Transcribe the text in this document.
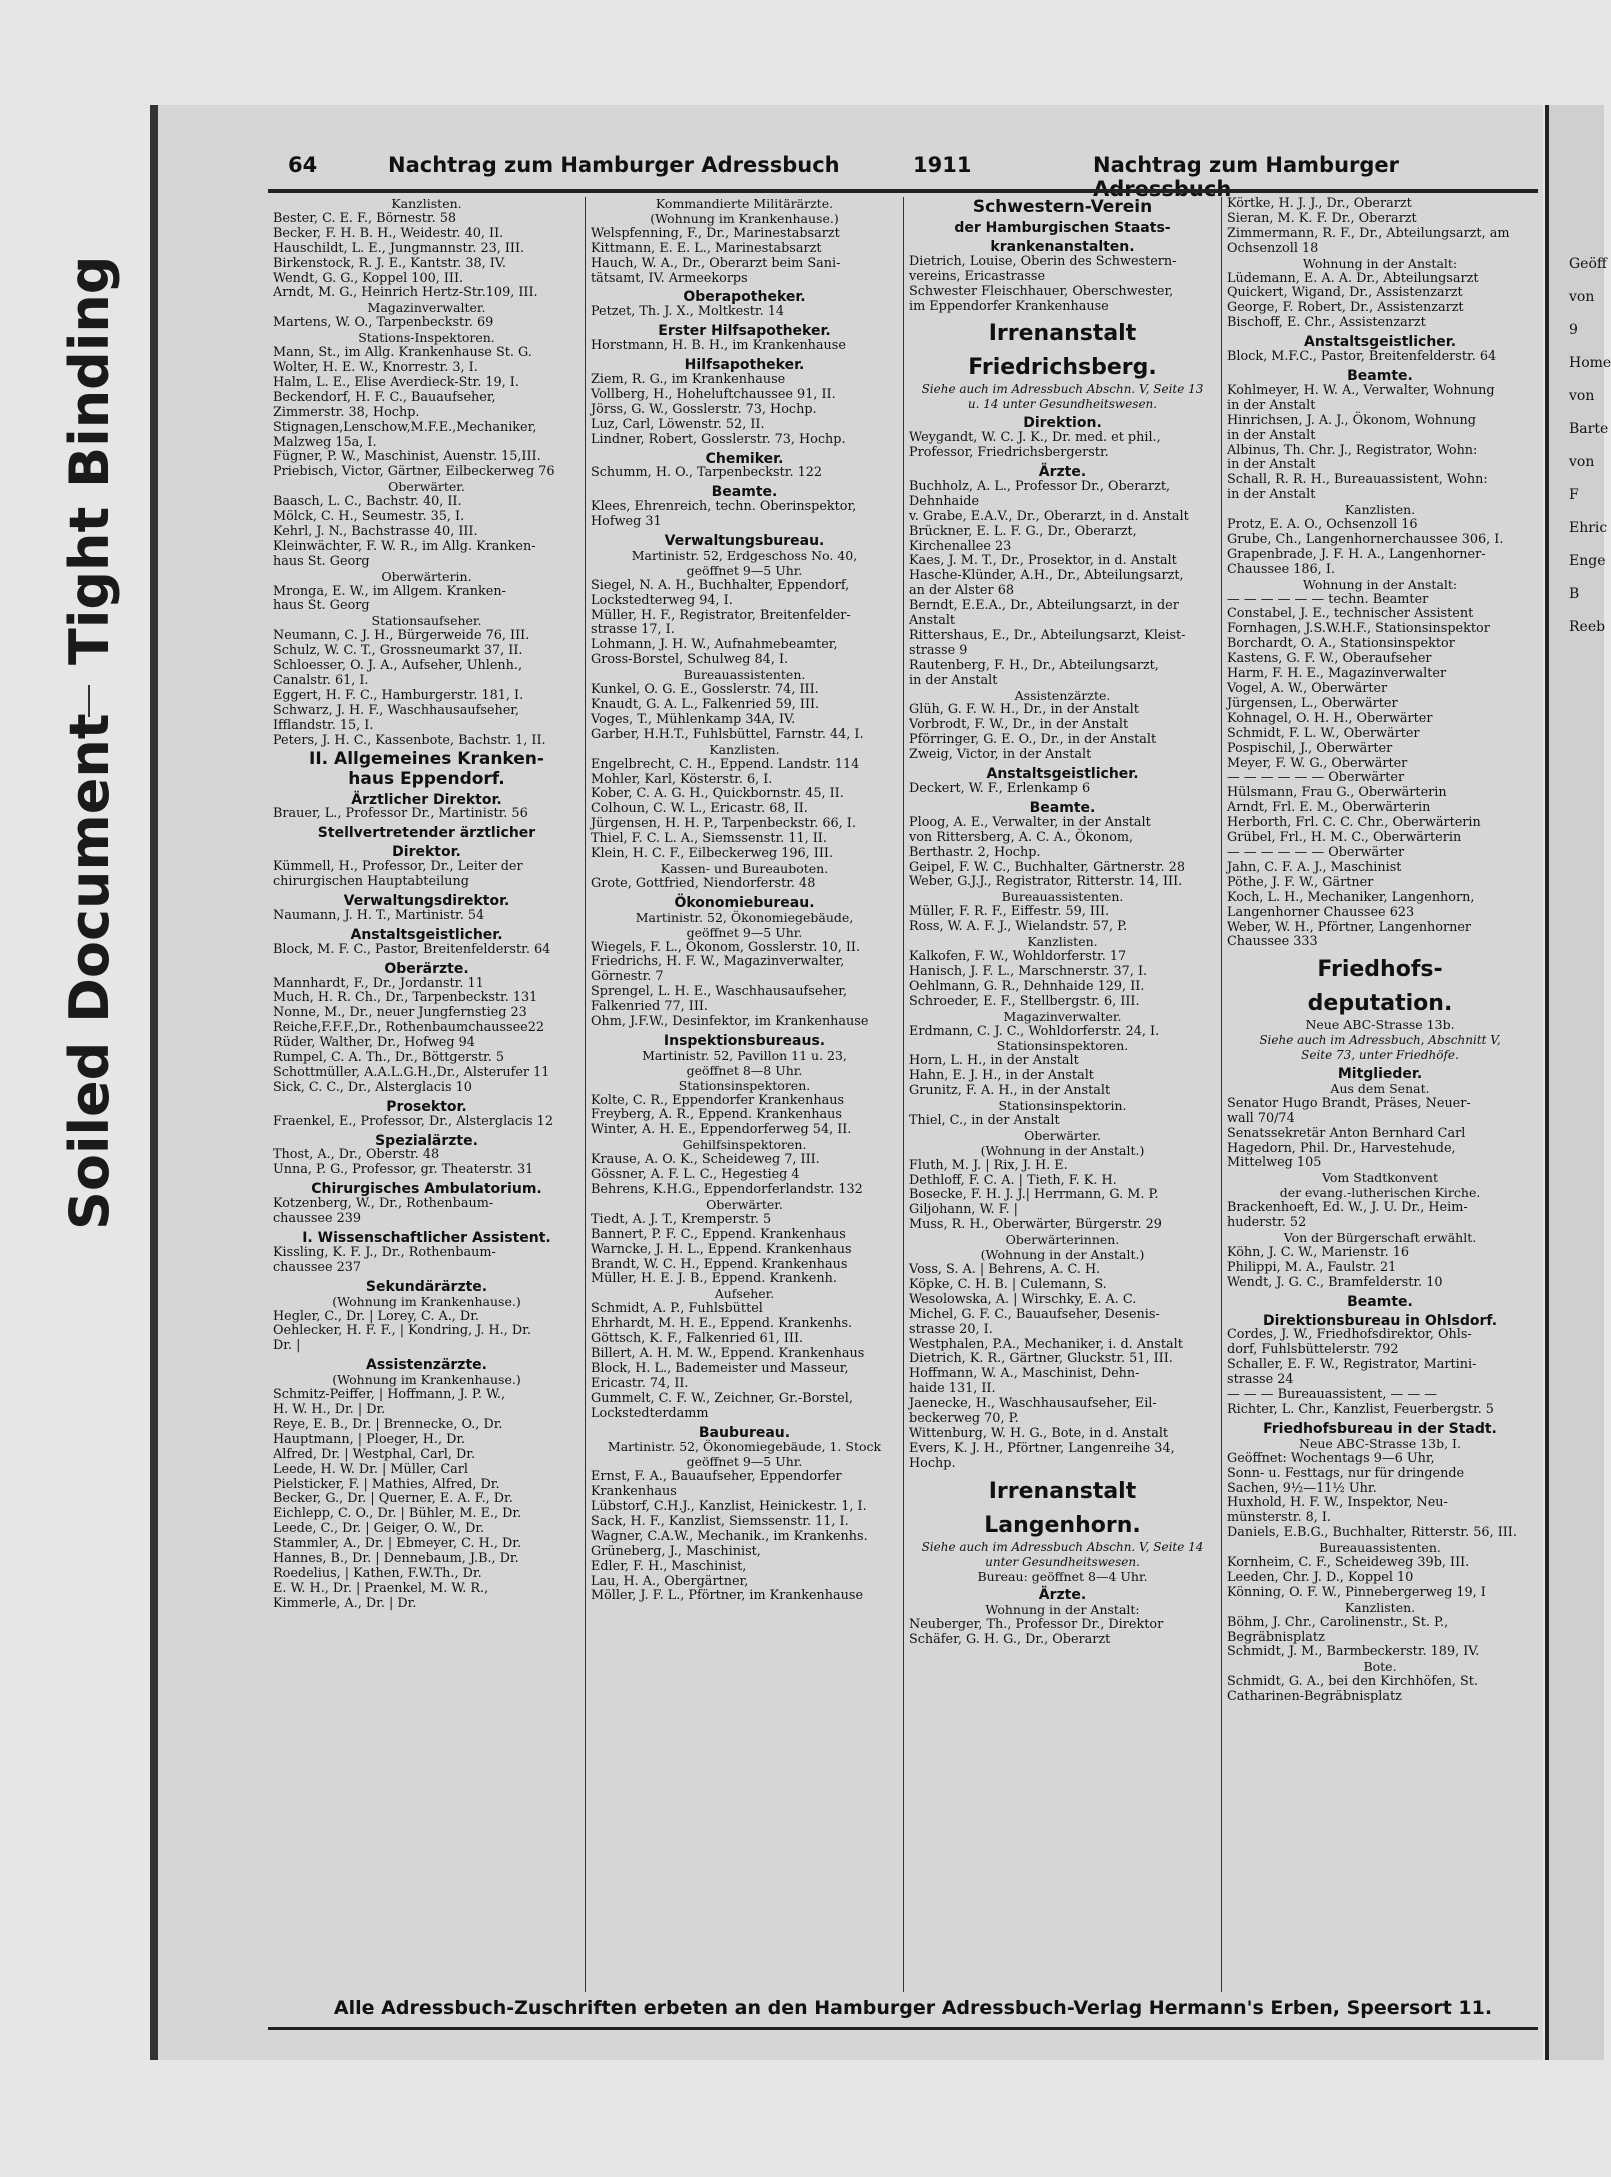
Tight Binding
Soiled Document
64	Nachtrag zum Hamburger Adressbuch	1911	Nachtrag zum Hamburger
Kanzlisten.
Bester, C. E. F., Börnestr. 58
Becker, F. H. B. H., Weidestr. 40, II.
Hauschildt, L. E., Jungmannstr. 23, III.
Birkenstock, R. J. E., Kantstr. 38, IV.
Wendt, G. G., Koppel 100, III.
Arndt, M. G., Heinrich Hertz-Str.109, III.
Magazinverwalter.
Martens, W. O., Tarpenbeckstr. 69
Stations-Inspektoren.
Mann, St., im Allg. Krankenhause St. G.
Wolter, H. E. W., Knorrestr. 3, I.
Halm, L. E., Elise Averdieck-Str. 19, I.
Beckendorf, H. F. C., Bauaufseher,
Zimmerstr. 38, Hochp.
Stignagen,Lenschow,M.F.E.,Mechaniker,
Malzweg 15a, I.
Fügner, P. W., Maschinist, Auenstr. 15,III.
Priebisch, Victor, Gärtner, Eilbeckerweg 76
Oberwärter.
Baasch, L. C., Bachstr. 40, II.
Mölck, C. H., Seumestr. 35, I.
Kehrl, J. N., Bachstrasse 40, III.
Kleinwächter, F. W. R., im Allg. Kranken-
haus St. Georg
Oberwärterin.
Mronga, E. W., im Allgem. Kranken-
haus St. Georg
Stationsaufseher.
Neumann, C. J. H., Bürgerweide 76, III.
Schulz, W. C. T., Grossneumarkt 37, II.
Schloesser, O. J. A., Aufseher, Uhlenh.,
Canalstr. 61, I.
Eggert, H. F. C., Hamburgerstr. 181, I.
Schwarz, J. H. F., Waschhausaufseher,
Ifflandstr. 15, I.
Peters, J. H. C., Kassenbote, Bachstr. 1, II.
II. Allgemeines Kranken-
haus Eppendorf.
Ärztlicher Direktor.
Brauer, L., Professor Dr., Martinistr. 56
Stellvertretender ärztlicher
Direktor.
Kümmell, H., Professor, Dr., Leiter der
chirurgischen Hauptabteilung
Verwaltungsdirektor.
Naumann, J. H. T., Martinistr. 54
Anstaltsgeistlicher.
Block, M. F. C., Pastor, Breitenfelderstr. 64
Oberärzte.
Mannhardt, F., Dr., Jordanstr. 11
Much, H. R. Ch., Dr., Tarpenbeckstr. 131
Nonne, M., Dr., neuer Jungfernstieg 23
Reiche,F.F.F.,Dr., Rothenbaumchaussee22
Rüder, Walther, Dr., Hofweg 94
Rumpel, C. A. Th., Dr., Böttgerstr. 5
Schottmüller, A.A.L.G.H.,Dr., Alsterufer 11
Sick, C. C., Dr., Alsterglacis 10
Prosektor.
Fraenkel, E., Professor, Dr., Alsterglacis 12
Spezialärzte.
Thost, A., Dr., Oberstr. 48
Unna, P. G., Professor, gr. Theaterstr. 31
Chirurgisches Ambulatorium.
Kotzenberg, W., Dr., Rothenbaum-
chaussee 239
I. Wissenschaftlicher Assistent.
Kissling, K. F. J., Dr., Rothenbaum-
chaussee 237
Sekundärärzte.
(Wohnung im Krankenhause.)
Hegler, C., Dr. | Lorey, C. A., Dr.
Oehlecker, H. F. F., | Kondring, J. H., Dr.
Dr. |
Assistenzärzte.
(Wohnung im Krankenhause.)
Schmitz-Peiffer, | Hoffmann, J. P. W.,
H. W. H., Dr. | Dr.
Reye, E. B., Dr. | Brennecke, O., Dr.
Hauptmann, | Ploeger, H., Dr.
Alfred, Dr. | Westphal, Carl, Dr.
Leede, H. W. Dr. | Müller, Carl
Pielsticker, F. | Mathies, Alfred, Dr.
Becker, G., Dr. | Querner, E. A. F., Dr.
Eichlepp, C. O., Dr. | Bühler, M. E., Dr.
Leede, C., Dr. | Geiger, O. W., Dr.
Stammler, A., Dr. | Ebmeyer, C. H., Dr.
Hannes, B., Dr. | Dennebaum, J.B., Dr.
Roedelius, | Kathen, F.W.Th., Dr.
E. W. H., Dr. | Praenkel, M. W. R.,
Kimmerle, A., Dr. | Dr.
Kommandierte Militärärzte.
(Wohnung im Krankenhause.)
Welspfenning, F., Dr., Marinestabsarzt
Kittmann, E. E. L., Marinestabsarzt
Hauch, W. A., Dr., Oberarzt beim Sani-
tätsamt, IV. Armeekorps
Oberapotheker.
Petzet, Th. J. X., Moltkestr. 14
Erster Hilfsapotheker.
Horstmann, H. B. H., im Krankenhause
Hilfsapotheker.
Ziem, R. G., im Krankenhause
Vollberg, H., Hoheluftchaussee 91, II.
Jörss, G. W., Gosslerstr. 73, Hochp.
Luz, Carl, Löwenstr. 52, II.
Lindner, Robert, Gosslerstr. 73, Hochp.
Chemiker.
Schumm, H. O., Tarpenbeckstr. 122
Beamte.
Klees, Ehrenreich, techn. Oberinspektor,
Hofweg 31
Verwaltungsbureau.
Martinistr. 52, Erdgeschoss No. 40,
geöffnet 9—5 Uhr.
Siegel, N. A. H., Buchhalter, Eppendorf,
Lockstedterweg 94, I.
Müller, H. F., Registrator, Breitenfelder-
strasse 17, I.
Lohmann, J. H. W., Aufnahmebeamter,
Gross-Borstel, Schulweg 84, I.
Bureauassistenten.
Kunkel, O. G. E., Gosslerstr. 74, III.
Knaudt, G. A. L., Falkenried 59, III.
Voges, T., Mühlenkamp 34A, IV.
Garber, H.H.T., Fuhlsbüttel, Farnstr. 44, I.
Kanzlisten.
Engelbrecht, C. H., Eppend. Landstr. 114
Mohler, Karl, Kösterstr. 6, I.
Kober, C. A. G. H., Quickbornstr. 45, II.
Colhoun, C. W. L., Ericastr. 68, II.
Jürgensen, H. H. P., Tarpenbeckstr. 66, I.
Thiel, F. C. L. A., Siemssenstr. 11, II.
Klein, H. C. F., Eilbeckerweg 196, III.
Kassen- und Bureauboten.
Grote, Gottfried, Niendorferstr. 48
Ökonomiebureau.
Martinistr. 52, Ökonomiegebäude,
geöffnet 9—5 Uhr.
Wiegels, F. L., Ökonom, Gosslerstr. 10, II.
Friedrichs, H. F. W., Magazinverwalter,
Görnestr. 7
Sprengel, L. H. E., Waschhausaufseher,
Falkenried 77, III.
Ohm, J.F.W., Desinfektor, im Krankenhause
Inspektionsbureaus.
Martinistr. 52, Pavillon 11 u. 23,
geöffnet 8—8 Uhr.
Stationsinspektoren.
Kolte, C. R., Eppendorfer Krankenhaus
Freyberg, A. R., Eppend. Krankenhaus
Winter, A. H. E., Eppendorferweg 54, II.
Gehilfsinspektoren.
Krause, A. O. K., Scheideweg 7, III.
Gössner, A. F. L. C., Hegestieg 4
Behrens, K.H.G., Eppendorferlandstr. 132
Oberwärter.
Tiedt, A. J. T., Kremperstr. 5
Bannert, P. F. C., Eppend. Krankenhaus
Warncke, J. H. L., Eppend. Krankenhaus
Brandt, W. C. H., Eppend. Krankenhaus
Müller, H. E. J. B., Eppend. Krankenh.
Aufseher.
Schmidt, A. P., Fuhlsbüttel
Ehrhardt, M. H. E., Eppend. Krankenhs.
Göttsch, K. F., Falkenried 61, III.
Billert, A. H. M. W., Eppend. Krankenhaus
Block, H. L., Bademeister und Masseur,
Ericastr. 74, II.
Gummelt, C. F. W., Zeichner, Gr.-Borstel,
Lockstedterdamm
Baubureau.
Martinistr. 52, Ökonomiegebäude, 1. Stock
geöffnet 9—5 Uhr.
Ernst, F. A., Bauaufseher, Eppendorfer
Krankenhaus
Lübstorf, C.H.J., Kanzlist, Heinickestr. 1, I.
Sack, H. F., Kanzlist, Siemssenstr. 11, I.
Wagner, C.A.W., Mechanik., im Krankenhs.
Grüneberg, J., Maschinist,
Edler, F. H., Maschinist,
Lau, H. A., Obergärtner,
Möller, J. F. L., Pförtner, im Krankenhause
Schwestern-Verein
der Hamburgischen Staats-
krankenanstalten.
Dietrich, Louise, Oberin des Schwestern-
vereins, Ericastrasse
Schwester Fleischhauer, Oberschwester,
im Eppendorfer Krankenhause
Irrenanstalt
Friedrichsberg.
Siehe auch im Adressbuch Abschn. V, Seite 13
u. 14 unter Gesundheitswesen.
Direktion.
Weygandt, W. C. J. K., Dr. med. et phil.,
Professor, Friedrichsbergerstr.
Ärzte.
Buchholz, A. L., Professor Dr., Oberarzt,
Dehnhaide
v. Grabe, E.A.V., Dr., Oberarzt, in d. Anstalt
Brückner, E. L. F. G., Dr., Oberarzt,
Kirchenallee 23
Kaes, J. M. T., Dr., Prosektor, in d. Anstalt
Hasche-Klünder, A.H., Dr., Abteilungsarzt,
an der Alster 68
Berndt, E.E.A., Dr., Abteilungsarzt, in der
Anstalt
Rittershaus, E., Dr., Abteilungsarzt, Kleist-
strasse 9
Rautenberg, F. H., Dr., Abteilungsarzt,
in der Anstalt
Assistenzärzte.
Glüh, G. F. W. H., Dr., in der Anstalt
Vorbrodt, F. W., Dr., in der Anstalt
Pförringer, G. E. O., Dr., in der Anstalt
Zweig, Victor, in der Anstalt
Anstaltsgeistlicher.
Deckert, W. F., Erlenkamp 6
Beamte.
Ploog, A. E., Verwalter, in der Anstalt
von Rittersberg, A. C. A., Ökonom,
Berthastr. 2, Hochp.
Geipel, F. W. C., Buchhalter, Gärtnerstr. 28
Weber, G.J.J., Registrator, Ritterstr. 14, III.
Bureauassistenten.
Müller, F. R. F., Eiffestr. 59, III.
Ross, W. A. F. J., Wielandstr. 57, P.
Kanzlisten.
Kalkofen, F. W., Wohldorferstr. 17
Hanisch, J. F. L., Marschnerstr. 37, I.
Oehlmann, G. R., Dehnhaide 129, II.
Schroeder, E. F., Stellbergstr. 6, III.
Magazinverwalter.
Erdmann, C. J. C., Wohldorferstr. 24, I.
Stationsinspektoren.
Horn, L. H., in der Anstalt
Hahn, E. J. H., in der Anstalt
Grunitz, F. A. H., in der Anstalt
Stationsinspektorin.
Thiel, C., in der Anstalt
Oberwärter.
(Wohnung in der Anstalt.)
Fluth, M. J. | Rix, J. H. E.
Dethloff, F. C. A. | Tieth, F. K. H.
Bosecke, F. H. J. J.| Herrmann, G. M. P.
Giljohann, W. F. |
Muss, R. H., Oberwärter, Bürgerstr. 29
Oberwärterinnen.
(Wohnung in der Anstalt.)
Voss, S. A. | Behrens, A. C. H.
Köpke, C. H. B. | Culemann, S.
Wesolowska, A. | Wirschky, E. A. C.
Michel, G. F. C., Bauaufseher, Desenis-
strasse 20, I.
Westphalen, P.A., Mechaniker, i. d. Anstalt
Dietrich, K. R., Gärtner, Gluckstr. 51, III.
Hoffmann, W. A., Maschinist, Dehn-
haide 131, II.
Jaenecke, H., Waschhausaufseher, Eil-
beckerweg 70, P.
Wittenburg, W. H. G., Bote, in d. Anstalt
Evers, K. J. H., Pförtner, Langenreihe 34,
Hochp.
Irrenanstalt
Langenhorn.
Siehe auch im Adressbuch Abschn. V, Seite 14
unter Gesundheitswesen.
Bureau: geöffnet 8—4 Uhr.
Ärzte.
Wohnung in der Anstalt:
Neuberger, Th., Professor Dr., Direktor
Schäfer, G. H. G., Dr., Oberarzt
Körtke, H. J. J., Dr., Oberarzt
Sieran, M. K. F. Dr., Oberarzt
Zimmermann, R. F., Dr., Abteilungsarzt, am
Ochsenzoll 18
Wohnung in der Anstalt:
Lüdemann, E. A. A. Dr., Abteilungsarzt
Quickert, Wigand, Dr., Assistenzarzt
George, F. Robert, Dr., Assistenzarzt
Bischoff, E. Chr., Assistenzarzt
Anstaltsgeistlicher.
Block, M.F.C., Pastor, Breitenfelderstr. 64
Beamte.
Kohlmeyer, H. W. A., Verwalter, Wohnung
in der Anstalt
Hinrichsen, J. A. J., Ökonom, Wohnung
in der Anstalt
Albinus, Th. Chr. J., Registrator, Wohn:
in der Anstalt
Schall, R. R. H., Bureauassistent, Wohn:
in der Anstalt
Kanzlisten.
Protz, E. A. O., Ochsenzoll 16
Grube, Ch., Langenhornerchaussee 306, I.
Grapenbrade, J. F. H. A., Langenhorner-
Chaussee 186, I.
Wohnung in der Anstalt:
— — — — — — techn. Beamter
Constabel, J. E., technischer Assistent
Fornhagen, J.S.W.H.F., Stationsinspektor
Borchardt, O. A., Stationsinspektor
Kastens, G. F. W., Oberaufseher
Harm, F. H. E., Magazinverwalter
Vogel, A. W., Oberwärter
Jürgensen, L., Oberwärter
Kohnagel, O. H. H., Oberwärter
Schmidt, F. L. W., Oberwärter
Pospischil, J., Oberwärter
Meyer, F. W. G., Oberwärter
— — — — — — Oberwärter
Hülsmann, Frau G., Oberwärterin
Arndt, Frl. E. M., Oberwärterin
Herborth, Frl. C. C. Chr., Oberwärterin
Grübel, Frl., H. M. C., Oberwärterin
— — — — — — Oberwärter
Jahn, C. F. A. J., Maschinist
Pöthe, J. F. W., Gärtner
Koch, L. H., Mechaniker, Langenhorn,
Langenhorner Chaussee 623
Weber, W. H., Pförtner, Langenhorner
Chaussee 333
Friedhofs-
deputation.
Neue ABC-Strasse 13b.
Siehe auch im Adressbuch, Abschnitt V,
Seite 73, unter Friedhöfe.
Mitglieder.
Aus dem Senat.
Senator Hugo Brandt, Präses, Neuer-
wall 70/74
Senatssekretär Anton Bernhard Carl
Hagedorn, Phil. Dr., Harvestehude,
Mittelweg 105
Vom Stadtkonvent
der evang.-lutherischen Kirche.
Brackenhoeft, Ed. W., J. U. Dr., Heim-
huderstr. 52
Von der Bürgerschaft erwählt.
Köhn, J. C. W., Marienstr. 16
Philippi, M. A., Faulstr. 21
Wendt, J. G. C., Bramfelderstr. 10
Beamte.
Direktionsbureau in Ohlsdorf.
Cordes, J. W., Friedhofsdirektor, Ohls-
dorf, Fuhlsbüttelerstr. 792
Schaller, E. F. W., Registrator, Martini-
strasse 24
— — — Bureauassistent, — — —
Richter, L. Chr., Kanzlist, Feuerbergstr. 5
Friedhofsbureau in der Stadt.
Neue ABC-Strasse 13b, I.
Geöffnet: Wochentags 9—6 Uhr,
Sonn- u. Festtags, nur für dringende
Sachen, 9½—11½ Uhr.
Huxhold, H. F. W., Inspektor, Neu-
münsterstr. 8, I.
Daniels, E.B.G., Buchhalter, Ritterstr. 56, III.
Bureauassistenten.
Kornheim, C. F., Scheideweg 39b, III.
Leeden, Chr. J. D., Koppel 10
Könning, O. F. W., Pinnebergerweg 19, I
Kanzlisten.
Böhm, J. Chr., Carolinenstr., St. P.,
Begräbnisplatz
Schmidt, J. M., Barmbeckerstr. 189, IV.
Bote.
Schmidt, G. A., bei den Kirchhöfen, St.
Catharinen-Begräbnisplatz
Alle Adressbuch-Zuschriften erbeten an den Hamburger Adressbuch-Verlag Hermann's Erben, Speersort 11.
Geöff
von
9
Home
von
Barte
von
F
Ehric
Enge
B
Reeb
